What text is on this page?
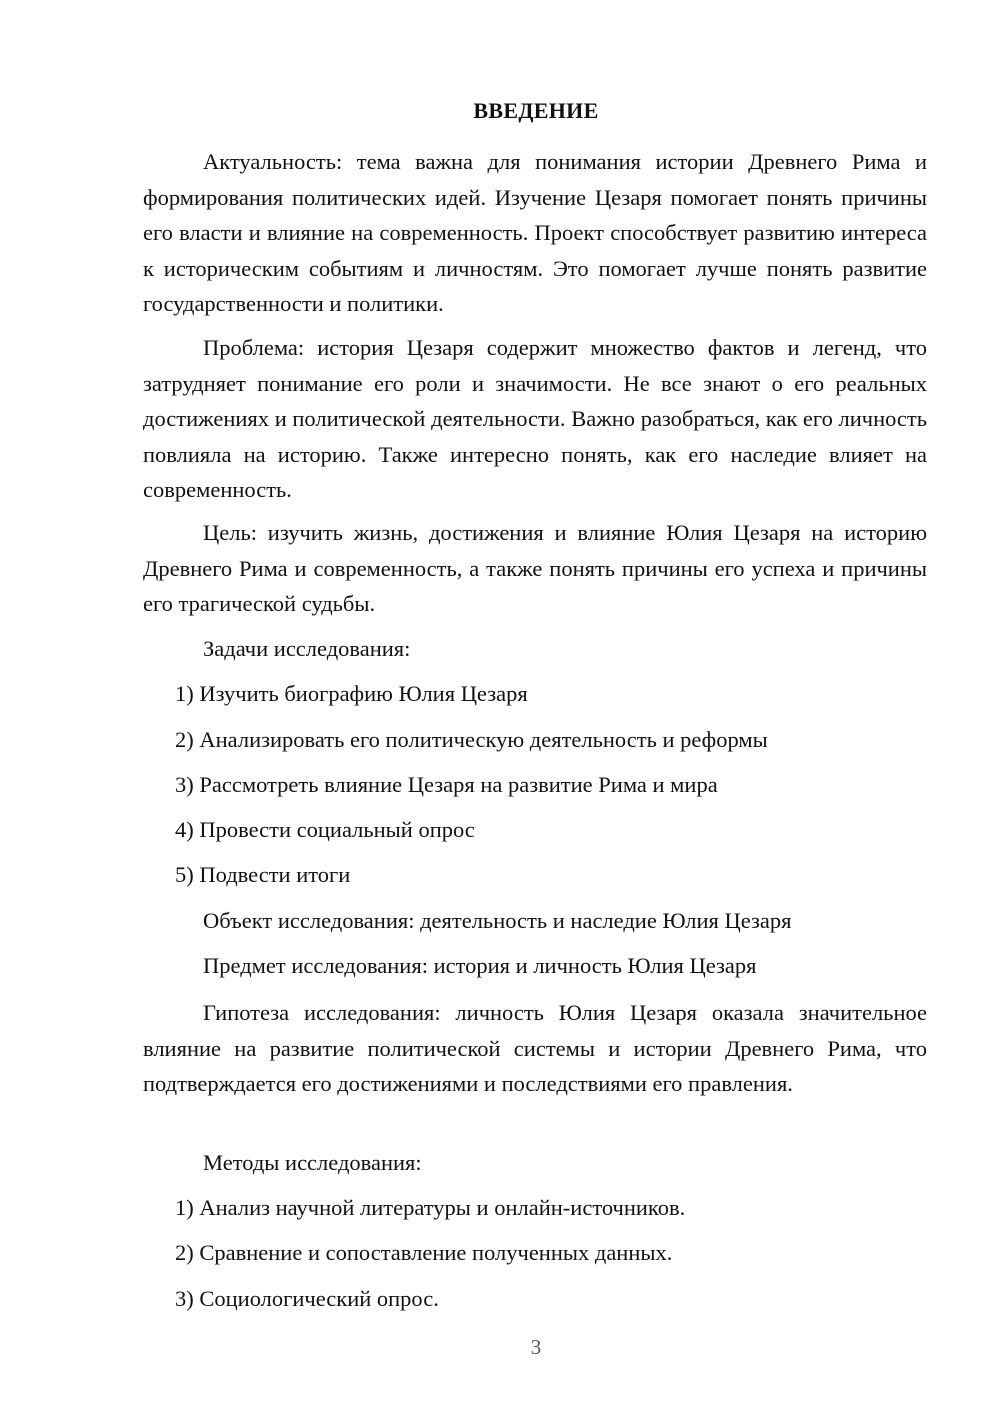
ВВЕДЕНИЕ

Актуальность: тема важна для понимания истории Древнего Рима и формирования политических идей. Изучение Цезаря помогает понять причины его власти и влияние на современность. Проект способствует развитию интереса к историческим событиям и личностям. Это помогает лучше понять развитие государственности и политики.

Проблема: история Цезаря содержит множество фактов и легенд, что затрудняет понимание его роли и значимости. Не все знают о его реальных достижениях и политической деятельности. Важно разобраться, как его личность повлияла на историю. Также интересно понять, как его наследие влияет на современность.

Цель: изучить жизнь, достижения и влияние Юлия Цезаря на историю Древнего Рима и современность, а также понять причины его успеха и причины его трагической судьбы.

Задачи исследования:

1) Изучить биографию Юлия Цезаря

2) Анализировать его политическую деятельность и реформы

3) Рассмотреть влияние Цезаря на развитие Рима и мира

4) Провести социальный опрос

5) Подвести итоги

Объект исследования: деятельность и наследие Юлия Цезаря

Предмет исследования: история и личность Юлия Цезаря

Гипотеза исследования: личность Юлия Цезаря оказала значительное влияние на развитие политической системы и истории Древнего Рима, что подтверждается его достижениями и последствиями его правления.

Методы исследования:

1) Анализ научной литературы и онлайн-источников.

2) Сравнение и сопоставление полученных данных.

3) Социологический опрос.

3
